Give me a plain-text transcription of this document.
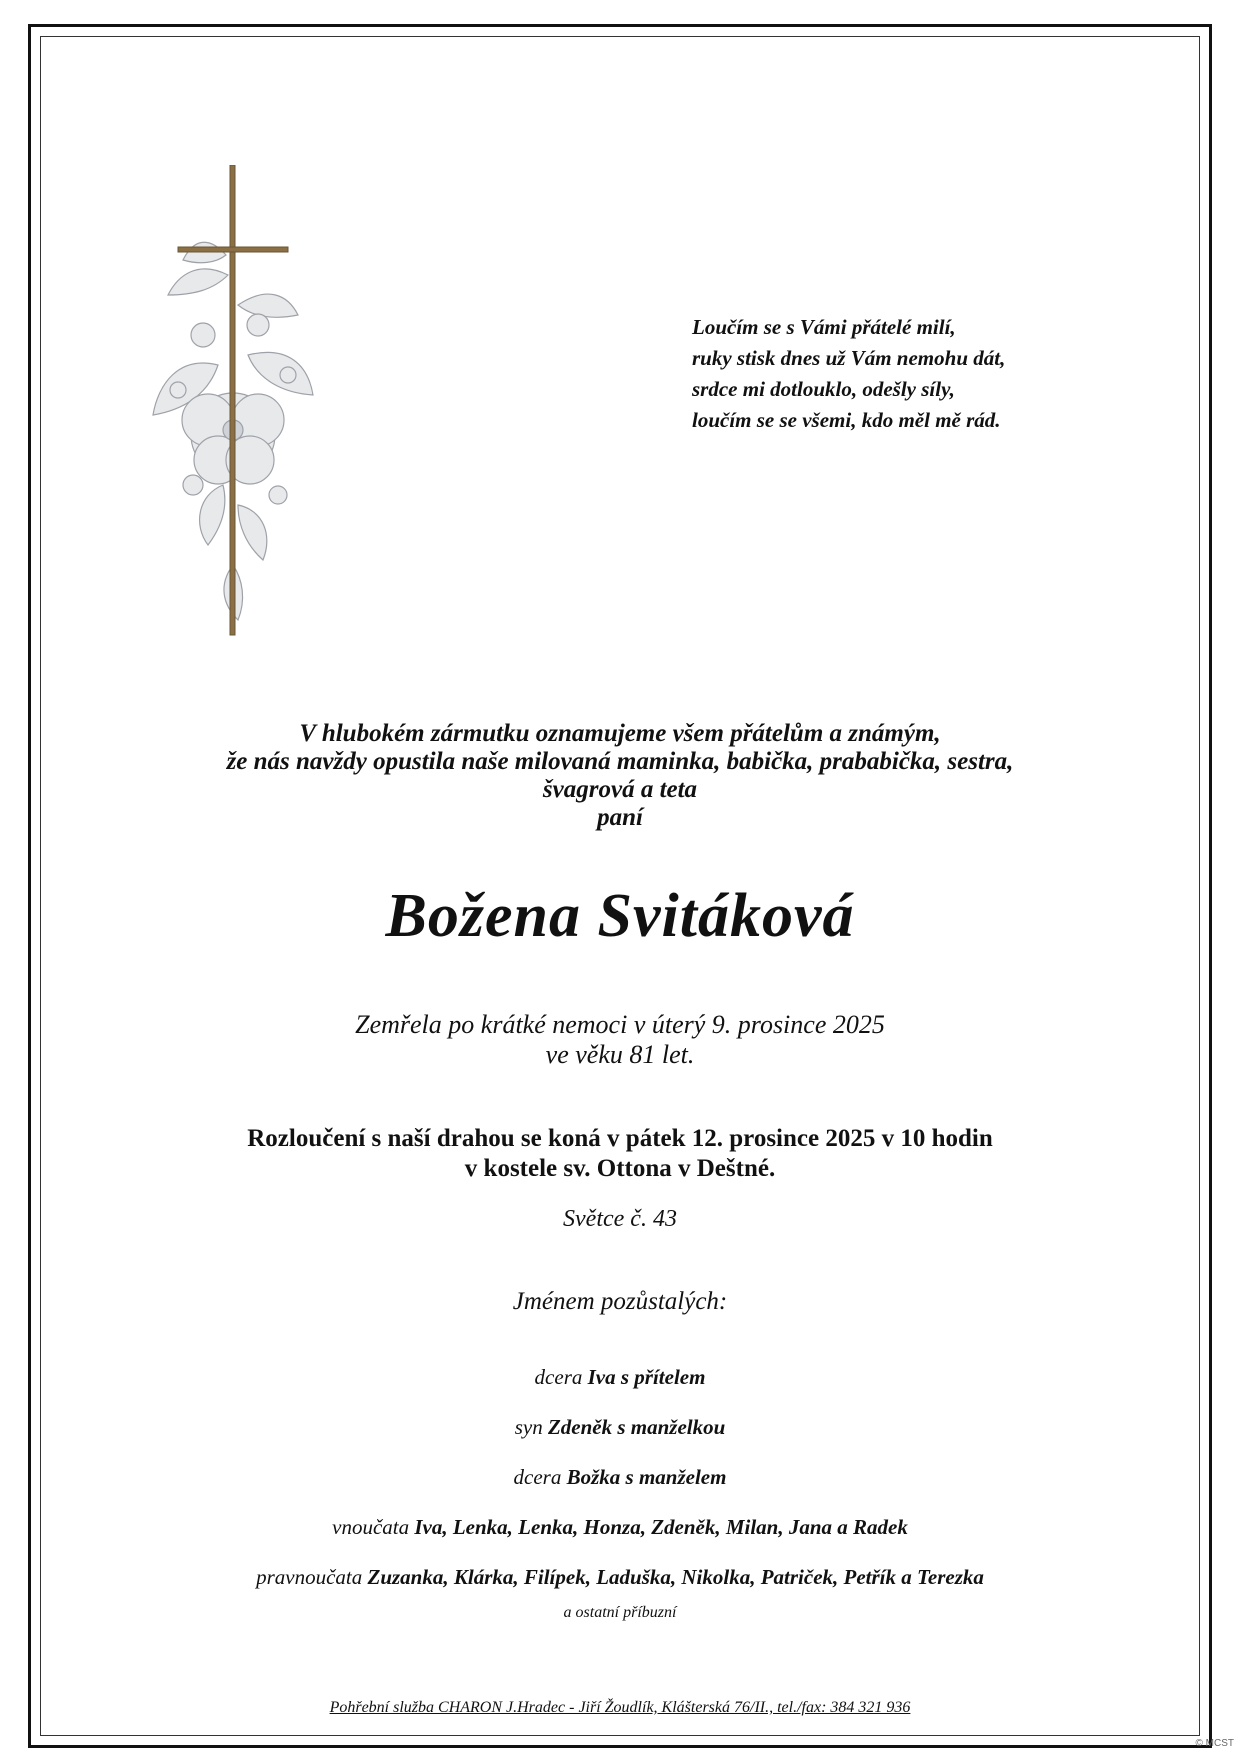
Loučím se s Vámi přátelé milí,
ruky stisk dnes už Vám nemohu dát,
srdce mi dotlouklo, odešly síly,
loučím se se všemi, kdo měl mě rád.
V hlubokém zármutku oznamujeme všem přátelům a známým,
že nás navždy opustila naše milovaná maminka, babička, prababička, sestra,
švagrová a teta
paní
Božena Svitáková
Zemřela po krátké nemoci v úterý 9. prosince 2025
ve věku 81 let.
Rozloučení s naší drahou se koná v pátek 12. prosince 2025 v 10 hodin
v kostele sv. Ottona v Deštné.
Světce č. 43
Jménem pozůstalých:
dcera Iva s přítelem
syn Zdeněk s manželkou
dcera Božka s manželem
vnoučata Iva, Lenka, Lenka, Honza, Zdeněk, Milan, Jana a Radek
pravnoučata Zuzanka, Klárka, Filípek, Laduška, Nikolka, Patriček, Petřík a Terezka
a ostatní příbuzní
Pohřební služba CHARON J.Hradec - Jiří Žoudlík, Klášterská 76/II., tel./fax: 384 321 936
© MCST
